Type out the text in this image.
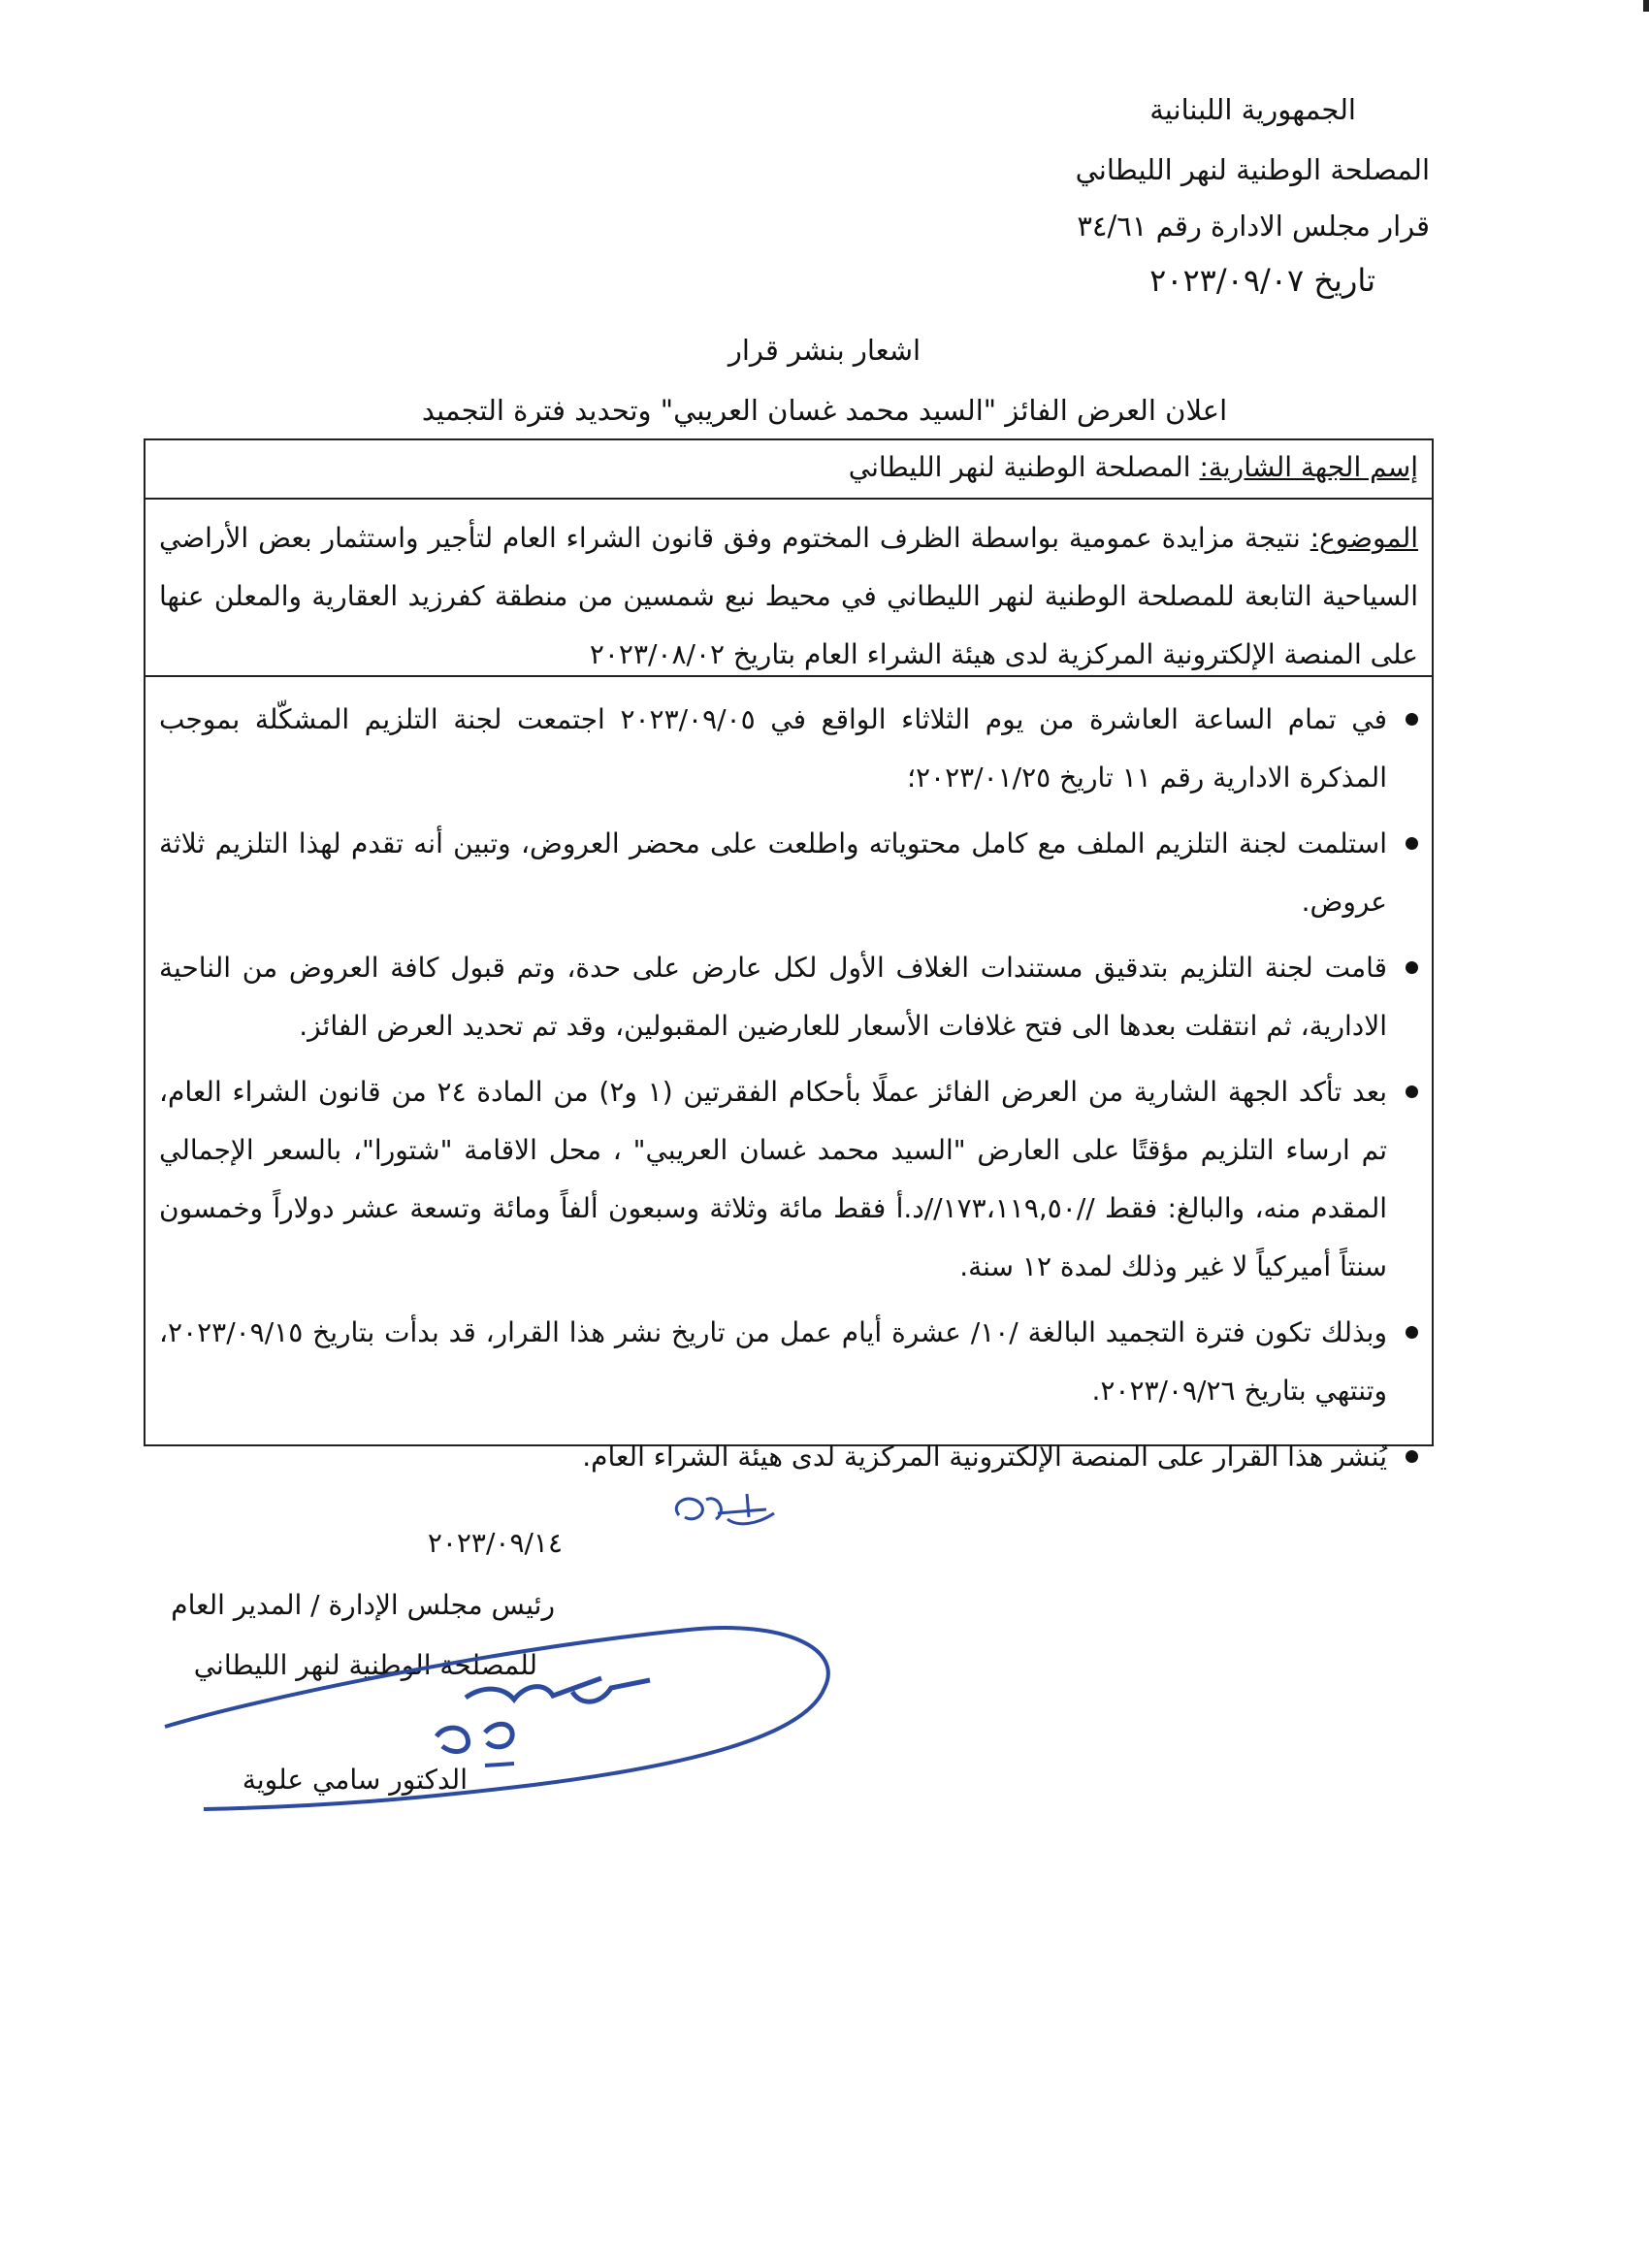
الجمهورية اللبنانية
المصلحة الوطنية لنهر الليطاني
قرار مجلس الادارة رقم ٣٤/٦١
تاريخ ٢٠٢٣/٠٩/٠٧
اشعار بنشر قرار
اعلان العرض الفائز "السيد محمد غسان العريبي" وتحديد فترة التجميد
إسم الجهة الشارية: المصلحة الوطنية لنهر الليطاني
الموضوع: نتيجة مزايدة عمومية بواسطة الظرف المختوم وفق قانون الشراء العام لتأجير واستثمار بعض الأراضي السياحية التابعة للمصلحة الوطنية لنهر الليطاني في محيط نبع شمسين من منطقة كفرزيد العقارية والمعلن عنها على المنصة الإلكترونية المركزية لدى هيئة الشراء العام بتاريخ ٢٠٢٣/٠٨/٠٢
في تمام الساعة العاشرة من يوم الثلاثاء الواقع في ٢٠٢٣/٠٩/٠٥ اجتمعت لجنة التلزيم المشكّلة بموجب المذكرة الادارية رقم ١١ تاريخ ٢٠٢٣/٠١/٢٥؛
استلمت لجنة التلزيم الملف مع كامل محتوياته واطلعت على محضر العروض، وتبين أنه تقدم لهذا التلزيم ثلاثة عروض.
قامت لجنة التلزيم بتدقيق مستندات الغلاف الأول لكل عارض على حدة، وتم قبول كافة العروض من الناحية الادارية، ثم انتقلت بعدها الى فتح غلافات الأسعار للعارضين المقبولين، وقد تم تحديد العرض الفائز.
بعد تأكد الجهة الشارية من العرض الفائز عملًا بأحكام الفقرتين (١ و٢) من المادة ٢٤ من قانون الشراء العام، تم ارساء التلزيم مؤقتًا على العارض "السيد محمد غسان العريبي" ، محل الاقامة "شتورا"، بالسعر الإجمالي المقدم منه، والبالغ: فقط //١٧٣،١١٩,٥٠//د.أ فقط مائة وثلاثة وسبعون ألفاً ومائة وتسعة عشر دولاراً وخمسون سنتاً أميركياً لا غير وذلك لمدة ١٢ سنة.
وبذلك تكون فترة التجميد البالغة /١٠/ عشرة أيام عمل من تاريخ نشر هذا القرار، قد بدأت بتاريخ ٢٠٢٣/٠٩/١٥، وتنتهي بتاريخ ٢٠٢٣/٠٩/٢٦.
يُنشر هذا القرار على المنصة الإلكترونية المركزية لدى هيئة الشراء العام.
٢٠٢٣/٠٩/١٤
رئيس مجلس الإدارة / المدير العام
للمصلحة الوطنية لنهر الليطاني
الدكتور سامي علوية
